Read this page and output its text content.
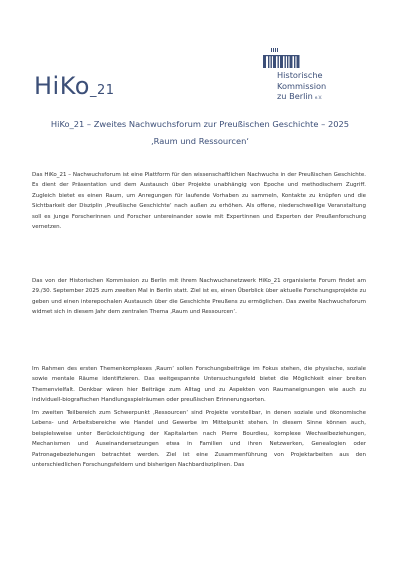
HiKo_21
Historische
Kommission
zu Berlin e.V.
HiKo_21 – Zweites Nachwuchsforum zur Preußischen Geschichte – 2025
‚Raum und Ressourcen‘

Das HiKo_21 – Nachwuchsforum ist eine Plattform für den wissenschaftlichen Nachwuchs in der Preußischen Geschichte. Es dient der Präsentation und dem Austausch über Projekte unabhängig von Epoche und methodischem Zugriff. Zugleich bietet es einen Raum, um Anregungen für laufende Vorhaben zu sammeln, Kontakte zu knüpfen und die Sichtbarkeit der Disziplin ‚Preußische Geschichte‘ nach außen zu erhöhen. Als offene, niederschwellige Veranstaltung soll es junge Forscherinnen und Forscher untereinander sowie mit Expertinnen und Experten der Preußenforschung vernetzen.

Das von der Historischen Kommission zu Berlin mit ihrem Nachwuchsnetzwerk HiKo_21 organisierte Forum findet am 29./30. September 2025 zum zweiten Mal in Berlin statt. Ziel ist es, einen Überblick über aktuelle Forschungsprojekte zu geben und einen interepochalen Austausch über die Geschichte Preußens zu ermöglichen. Das zweite Nachwuchsforum widmet sich in diesem Jahr dem zentralen Thema ‚Raum und Ressourcen‘.

Im Rahmen des ersten Themenkomplexes ‚Raum‘ sollen Forschungsbeiträge im Fokus stehen, die physische, soziale sowie mentale Räume identifizieren. Das weitgespannte Untersuchungsfeld bietet die Möglichkeit einer breiten Themenvielfalt. Denkbar wären hier Beiträge zum Alltag und zu Aspekten von Raumaneignungen wie auch zu individuell-biografischen Handlungsspielräumen oder preußischen Erinnerungsorten.

Im zweiten Teilbereich zum Schwerpunkt ‚Ressourcen‘ sind Projekte vorstellbar, in denen soziale und ökonomische Lebens- und Arbeitsbereiche wie Handel und Gewerbe im Mittelpunkt stehen. In diesem Sinne können auch, beispielsweise unter Berücksichtigung der Kapitalarten nach Pierre Bourdieu, komplexe Wechselbeziehungen, Mechanismen und Auseinandersetzungen etwa in Familien und ihren Netzwerken, Genealogien oder Patronagebeziehungen betrachtet werden. Ziel ist eine Zusammenführung von Projektarbeiten aus den unterschiedlichen Forschungsfeldern und bisherigen Nachbardisziplinen. Das
